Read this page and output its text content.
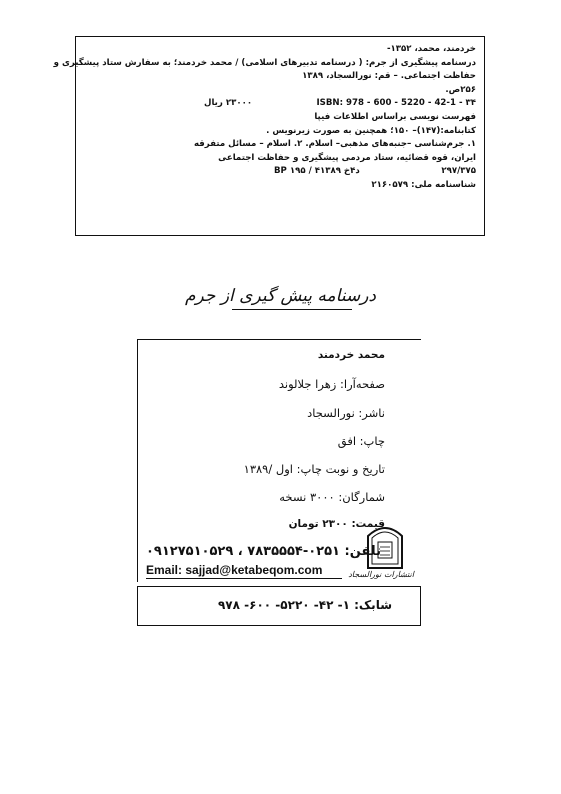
خردمند، محمد، ۱۳۵۲-
درسنامه پیشگیری از جرم: ( درسنامه تدبیرهای اسلامی) / محمد خردمند؛ به سفارش ستاد پیشگیری و
حفاظت اجتماعی. – قم: نورالسجاد، ۱۳۸۹
۲۵۶ص.
ISBN: 978 - 600 - 5220 - 42-1 - ۳۴
۲۳۰۰۰ ریال
فهرست نویسی براساس اطلاعات فیپا
کتابنامه:(۱۴۷)– ۱۵۰؛ همچنین به صورت زیرنویس .
۱. جرم‌شناسی –جنبه‌های مذهبی– اسلام. ۲. اسلام – مسائل متفرقه
ایران، قوه قضائیه، ستاد مردمی پیشگیری و حفاظت اجتماعی
BP ۱۹۵ / ۴د۴خ ۱۳۸۹	۲۹۷/۳۷۵
شناسنامه ملی: ۲۱۶۰۵۷۹
درسنامه پیش گیری از جرم
محمد خردمند
صفحه‌آرا: زهرا جلالوند
ناشر: نورالسجاد
چاپ: افق
تاریخ و نوبت چاپ: اول /۱۳۸۹
شمارگان: ۳۰۰۰ نسخه
قیمت: ۲۳۰۰ تومان
تلفن: ۰۲۵۱-۷۸۳۵۵۵۴ ، ۰۹۱۲۷۵۱۰۵۲۹
Email: sajjad@ketabeqom.com	انتشارات نورالسجاد
شابک: ۱- ۴۲- ۵۲۲۰- ۶۰۰- ۹۷۸
